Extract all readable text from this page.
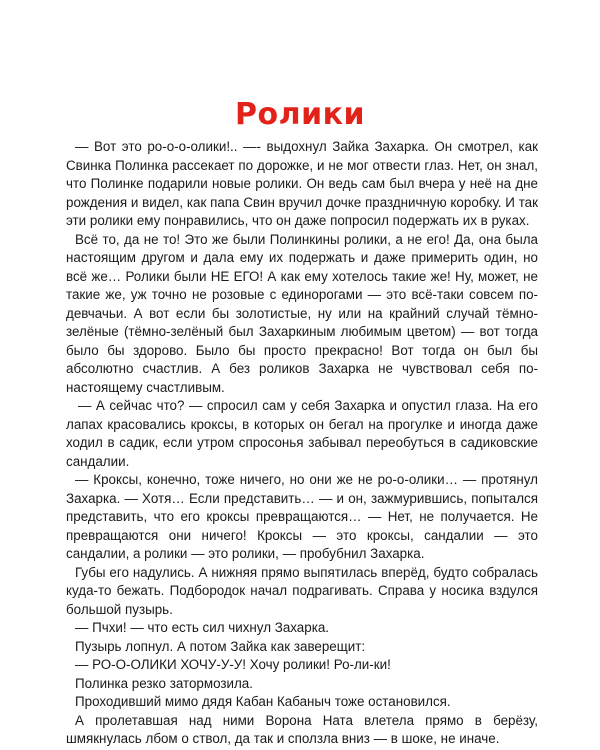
Ролики

— Вот это ро-о-о-олики!.. —- выдохнул Зайка Захарка. Он смотрел, как Свинка Полинка рассекает по дорожке, и не мог отвести глаз. Нет, он знал, что Полинке подарили новые ролики. Он ведь сам был вчера у неё на дне рождения и видел, как папа Свин вручил дочке праздничную коробку. И так эти ролики ему понравились, что он даже попросил подержать их в руках.

Всё то, да не то! Это же были Полинкины ролики, а не его! Да, она была настоящим другом и дала ему их подержать и даже примерить один, но всё же… Ролики были НЕ ЕГО! А как ему хотелось такие же! Ну, может, не такие же, уж точно не розовые с единорогами — это всё-таки совсем по-девчачьи. А вот если бы золотистые, ну или на крайний случай тёмно-зелёные (тёмно-зелёный был Захаркиным любимым цветом) — вот тогда было бы здорово. Было бы просто прекрасно! Вот тогда он был бы абсолютно счастлив. А без роликов Захарка не чувствовал себя по-настоящему счастливым.

— А сейчас что? — спросил сам у себя Захарка и опустил глаза. На его лапах красовались кроксы, в которых он бегал на прогулке и иногда даже ходил в садик, если утром спросонья забывал переобуться в садиковские сандалии.

— Кроксы, конечно, тоже ничего, но они же не ро-о-олики… — протянул Захарка. — Хотя… Если представить… — и он, зажмурившись, попытался представить, что его кроксы превращаются… — Нет, не получается. Не превращаются они ничего! Кроксы — это кроксы, сандалии — это сандалии, а ролики — это ролики, — пробубнил Захарка.

Губы его надулись. А нижняя прямо выпятилась вперёд, будто собралась куда-то бежать. Подбородок начал подрагивать. Справа у носика вздулся большой пузырь.

— Пчхи! — что есть сил чихнул Захарка.

Пузырь лопнул. А потом Зайка как заверещит:

— РО-О-ОЛИКИ ХОЧУ-У-У! Хочу ролики! Ро-ли-ки!

Полинка резко затормозила.

Проходивший мимо дядя Кабан Кабаныч тоже остановился.

А пролетавшая над ними Ворона Ната влетела прямо в берёзу, шмякнулась лбом о ствол, да так и сползла вниз — в шоке, не иначе.
